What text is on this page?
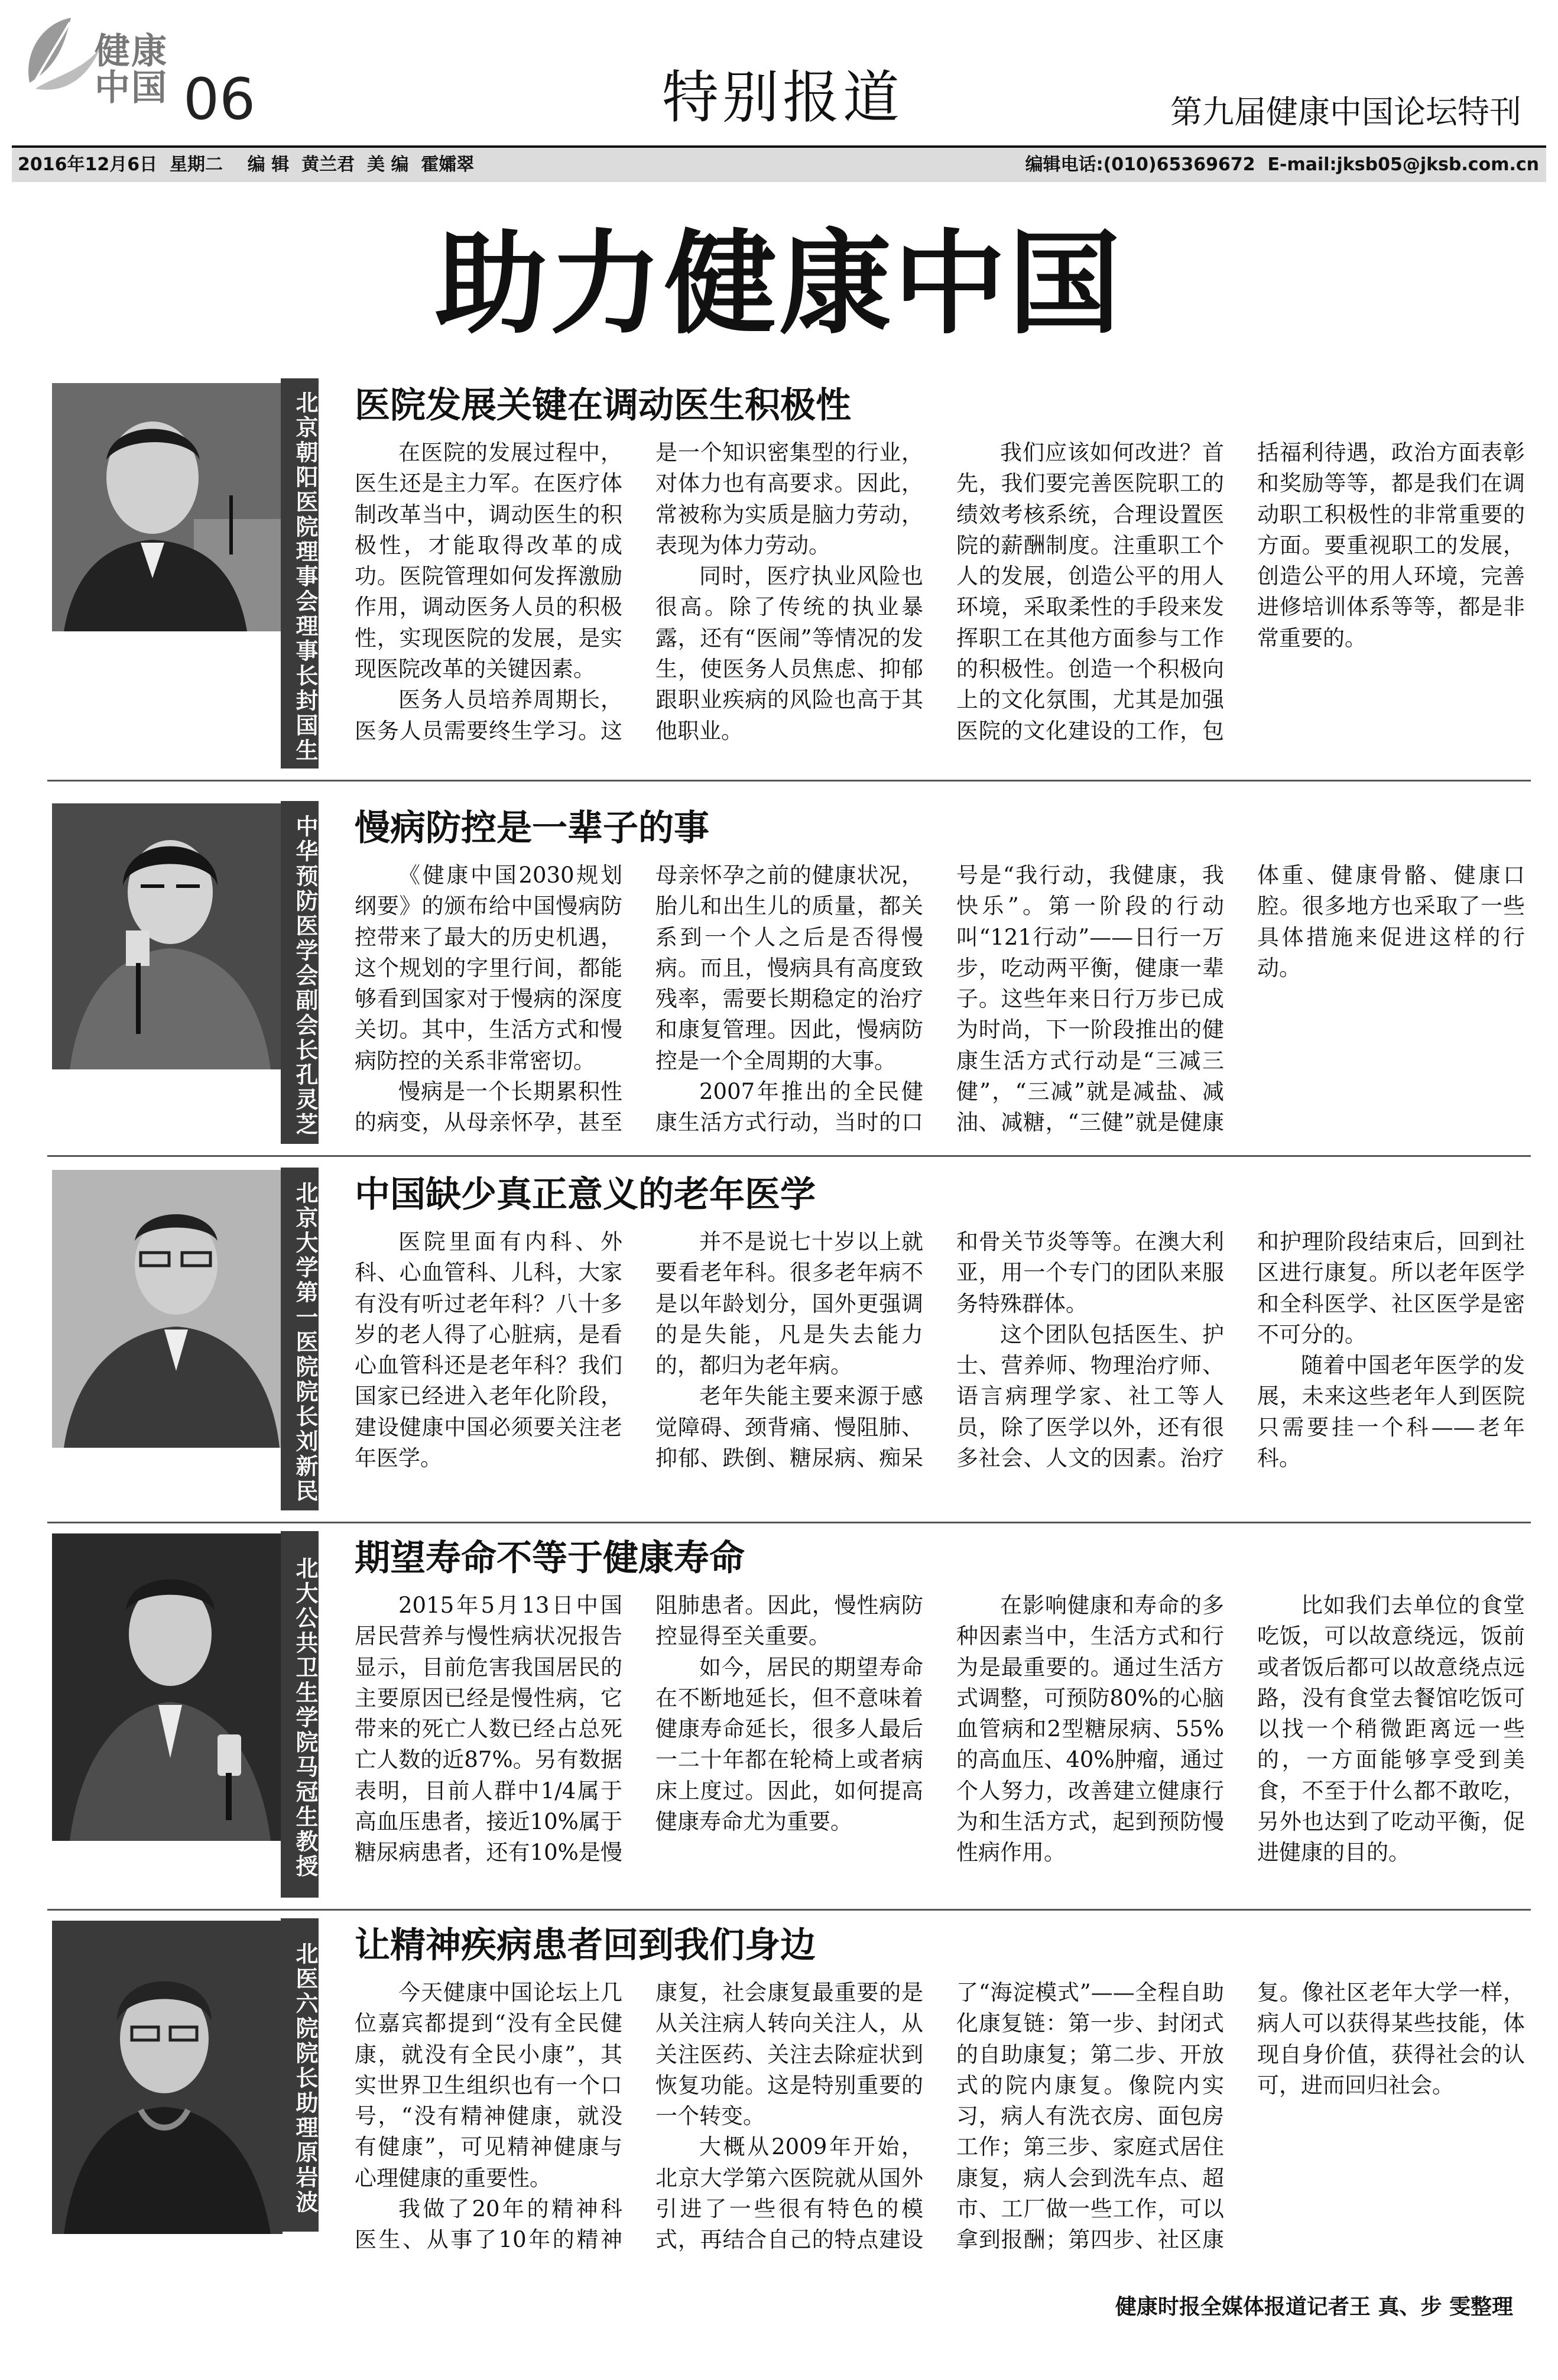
健康
中国 06	特别报道	第九届健康中国论坛特刊
2016年12月6日  星期二    编 辑  黄兰君  美 编  霍孀翠	编辑电话:(010)65369672  E-mail:jksb05@jksb.com.cn
助力健康中国
北京朝阳医院理事会理事长封国生 医院发展关键在调动医生积极性

在医院的发展过程中，医生还是主力军。在医疗体制改革当中，调动医生的积极性，才能取得改革的成功。医院管理如何发挥激励作用，调动医务人员的积极性，实现医院的发展，是实现医院改革的关键因素。

医务人员培养周期长，医务人员需要终生学习。这是一个知识密集型的行业，对体力也有高要求。因此，常被称为实质是脑力劳动，表现为体力劳动。

同时，医疗执业风险也很高。除了传统的执业暴露，还有“医闹”等情况的发生，使医务人员焦虑、抑郁跟职业疾病的风险也高于其他职业。

我们应该如何改进？首先，我们要完善医院职工的绩效考核系统，合理设置医院的薪酬制度。注重职工个人的发展，创造公平的用人环境，采取柔性的手段来发挥职工在其他方面参与工作的积极性。创造一个积极向上的文化氛围，尤其是加强医院的文化建设的工作，包括福利待遇，政治方面表彰和奖励等等，都是我们在调动职工积极性的非常重要的方面。要重视职工的发展，创造公平的用人环境，完善进修培训体系等等，都是非常重要的。

中华预防医学会副会长孔灵芝 慢病防控是一辈子的事

《健康中国2030规划纲要》的颁布给中国慢病防控带来了最大的历史机遇，这个规划的字里行间，都能够看到国家对于慢病的深度关切。其中，生活方式和慢病防控的关系非常密切。

慢病是一个长期累积性的病变，从母亲怀孕，甚至母亲怀孕之前的健康状况，胎儿和出生儿的质量，都关系到一个人之后是否得慢病。而且，慢病具有高度致残率，需要长期稳定的治疗和康复管理。因此，慢病防控是一个全周期的大事。

2007年推出的全民健康生活方式行动，当时的口号是“我行动，我健康，我快乐”。第一阶段的行动叫“121行动”——日行一万步，吃动两平衡，健康一辈子。这些年来日行万步已成为时尚，下一阶段推出的健康生活方式行动是“三减三健”，“三减”就是减盐、减油、减糖，“三健”就是健康体重、健康骨骼、健康口腔。很多地方也采取了一些具体措施来促进这样的行动。

北京大学第一医院院长刘新民 中国缺少真正意义的老年医学

医院里面有内科、外科、心血管科、儿科，大家有没有听过老年科？八十多岁的老人得了心脏病，是看心血管科还是老年科？我们国家已经进入老年化阶段，建设健康中国必须要关注老年医学。

并不是说七十岁以上就要看老年科。很多老年病不是以年龄划分，国外更强调的是失能，凡是失去能力的，都归为老年病。

老年失能主要来源于感觉障碍、颈背痛、慢阻肺、抑郁、跌倒、糖尿病、痴呆和骨关节炎等等。在澳大利亚，用一个专门的团队来服务特殊群体。

这个团队包括医生、护士、营养师、物理治疗师、语言病理学家、社工等人员，除了医学以外，还有很多社会、人文的因素。治疗和护理阶段结束后，回到社区进行康复。所以老年医学和全科医学、社区医学是密不可分的。

随着中国老年医学的发展，未来这些老年人到医院只需要挂一个科——老年科。

北大公共卫生学院马冠生教授 期望寿命不等于健康寿命

2015年5月13日中国居民营养与慢性病状况报告显示，目前危害我国居民的主要原因已经是慢性病，它带来的死亡人数已经占总死亡人数的近87%。另有数据表明，目前人群中1/4属于高血压患者，接近10%属于糖尿病患者，还有10%是慢阻肺患者。因此，慢性病防控显得至关重要。

如今，居民的期望寿命在不断地延长，但不意味着健康寿命延长，很多人最后一二十年都在轮椅上或者病床上度过。因此，如何提高健康寿命尤为重要。

在影响健康和寿命的多种因素当中，生活方式和行为是最重要的。通过生活方式调整，可预防80%的心脑血管病和2型糖尿病、55%的高血压、40%肿瘤，通过个人努力，改善建立健康行为和生活方式，起到预防慢性病作用。

比如我们去单位的食堂吃饭，可以故意绕远，饭前或者饭后都可以故意绕点远路，没有食堂去餐馆吃饭可以找一个稍微距离远一些的，一方面能够享受到美食，不至于什么都不敢吃，另外也达到了吃动平衡，促进健康的目的。

北医六院院长助理原岩波 让精神疾病患者回到我们身边

今天健康中国论坛上几位嘉宾都提到“没有全民健康，就没有全民小康”，其实世界卫生组织也有一个口号，“没有精神健康，就没有健康”，可见精神健康与心理健康的重要性。

我做了20年的精神科医生、从事了10年的精神康复，社会康复最重要的是从关注病人转向关注人，从关注医药、关注去除症状到恢复功能。这是特别重要的一个转变。

大概从2009年开始，北京大学第六医院就从国外引进了一些很有特色的模式，再结合自己的特点建设了“海淀模式”——全程自助化康复链：第一步、封闭式的自助康复；第二步、开放式的院内康复。像院内实习，病人有洗衣房、面包房工作；第三步、家庭式居住康复，病人会到洗车点、超市、工厂做一些工作，可以拿到报酬；第四步、社区康复。像社区老年大学一样，病人可以获得某些技能，体现自身价值，获得社会的认可，进而回归社会。

健康时报全媒体报道记者王 真、步 雯整理
